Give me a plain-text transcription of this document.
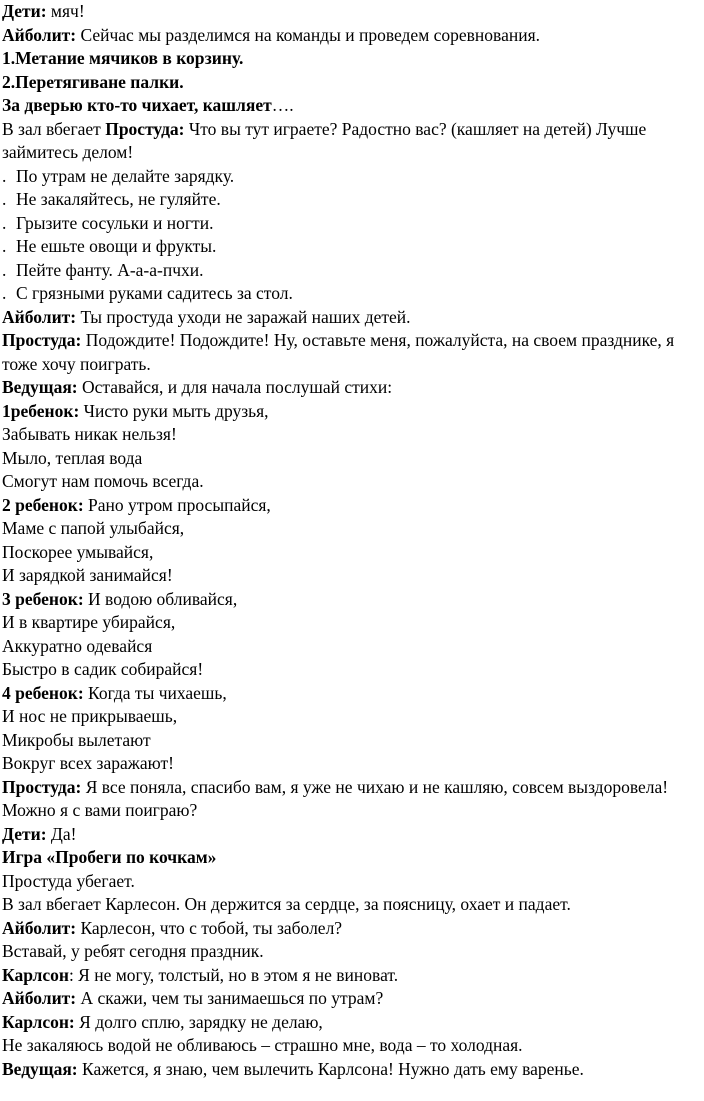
Дети: мяч!
Айболит: Сейчас мы разделимся на команды и проведем соревнования.
1.Метание мячиков в корзину.
2.Перетягиване палки.
За дверью кто-то чихает, кашляет….
В зал вбегает Простуда: Что вы тут играете? Радостно вас? (кашляет на детей) Лучше
займитесь делом!
. По утрам не делайте зарядку.
. Не закаляйтесь, не гуляйте.
. Грызите сосульки и ногти.
. Не ешьте овощи и фрукты.
. Пейте фанту. А-а-а-пчхи.
. С грязными руками садитесь за стол.
Айболит: Ты простуда уходи не заражай наших детей.
Простуда: Подождите! Подождите! Ну, оставьте меня, пожалуйста, на своем празднике, я
тоже хочу поиграть.
Ведущая: Оставайся, и для начала послушай стихи:
1ребенок: Чисто руки мыть друзья,
Забывать никак нельзя!
Мыло, теплая вода
Смогут нам помочь всегда.
2 ребенок: Рано утром просыпайся,
Маме с папой улыбайся,
Поскорее умывайся,
И зарядкой занимайся!
3 ребенок: И водою обливайся,
И в квартире убирайся,
Аккуратно одевайся
Быстро в садик собирайся!
4 ребенок: Когда ты чихаешь,
И нос не прикрываешь,
Микробы вылетают
Вокруг всех заражают!
Простуда: Я все поняла, спасибо вам, я уже не чихаю и не кашляю, совсем выздоровела!
Можно я с вами поиграю?
Дети: Да!
Игра «Пробеги по кочкам»
Простуда убегает.
В зал вбегает Карлесон. Он держится за сердце, за поясницу, охает и падает.
Айболит: Карлесон, что с тобой, ты заболел?
Вставай, у ребят сегодня праздник.
Карлсон: Я не могу, толстый, но в этом я не виноват.
Айболит: А скажи, чем ты занимаешься по утрам?
Карлсон: Я долго сплю, зарядку не делаю,
Не закаляюсь водой не обливаюсь – страшно мне, вода – то холодная.
Ведущая: Кажется, я знаю, чем вылечить Карлсона! Нужно дать ему варенье.
